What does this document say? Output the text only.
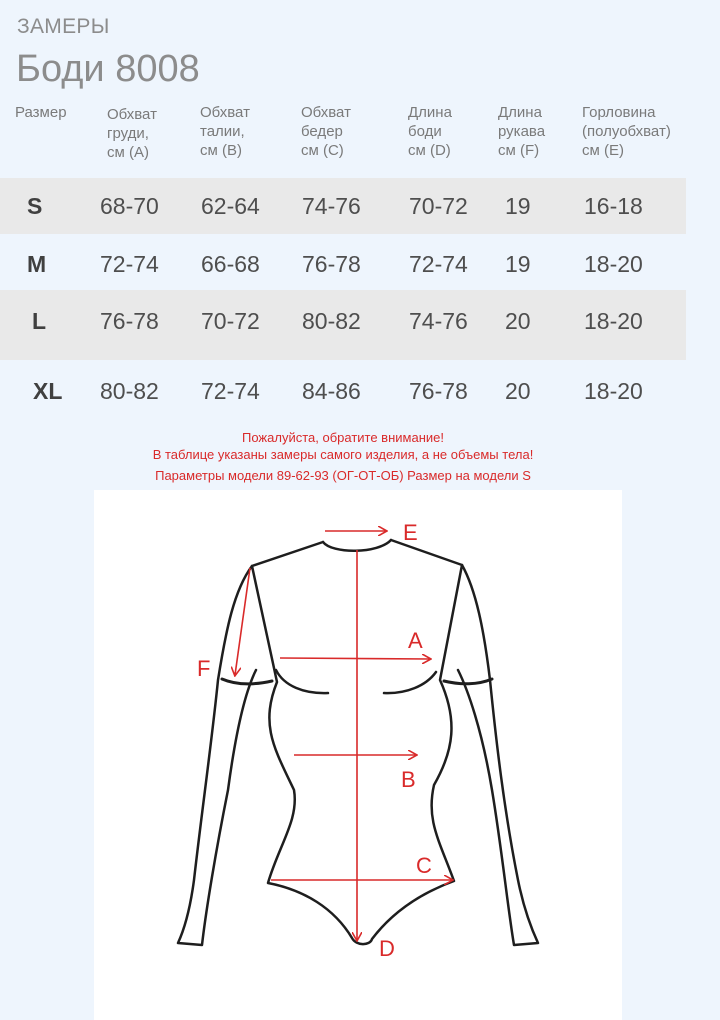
ЗАМЕРЫ
Боди 8008
Размер	Обхват
груди,
см (A)
Обхват
талии,
см (B)
Обхват
бедер
см (C)
Длина
боди
см (D)
Длина
рукава
см (F)
Горловина
(полуобхват)
см (E)
S	68-70 62-64 74-76 70-72 19 16-18
M 72-74 66-68 76-78 72-74 19 18-20
L 76-78 70-72 80-82 74-76 20 18-20
XL 80-82 72-74 84-86 76-78 20 18-20
Пожалуйста, обратите внимание!
В таблице указаны замеры самого изделия, а не объемы тела!
Параметры модели 89-62-93 (ОГ-ОТ-ОБ) Размер на модели S
E
A
B
C
D
F
